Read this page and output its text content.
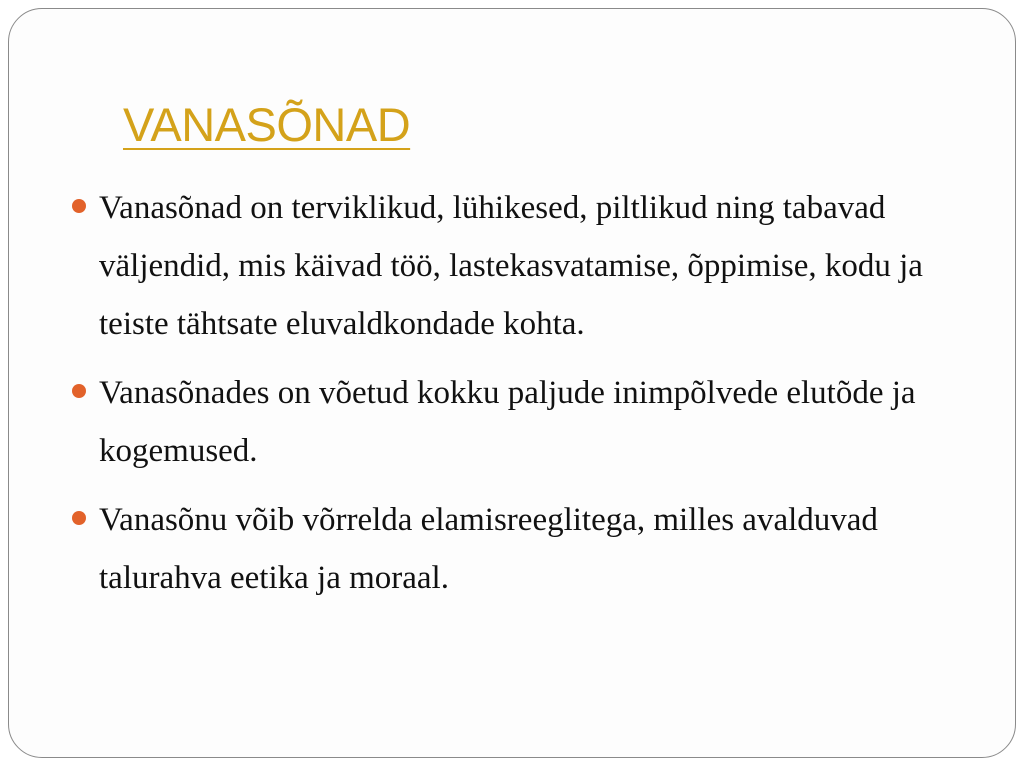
VANASÕNAD
Vanasõnad on terviklikud, lühikesed, piltlikud ning tabavad väljendid, mis käivad töö, lastekasvatamise, õppimise, kodu ja teiste tähtsate eluvaldkondade kohta.
Vanasõnades on võetud kokku paljude inimpõlvede elutõde ja kogemused.
Vanasõnu võib võrrelda elamisreeglitega, milles avalduvad talurahva eetika ja moraal.
